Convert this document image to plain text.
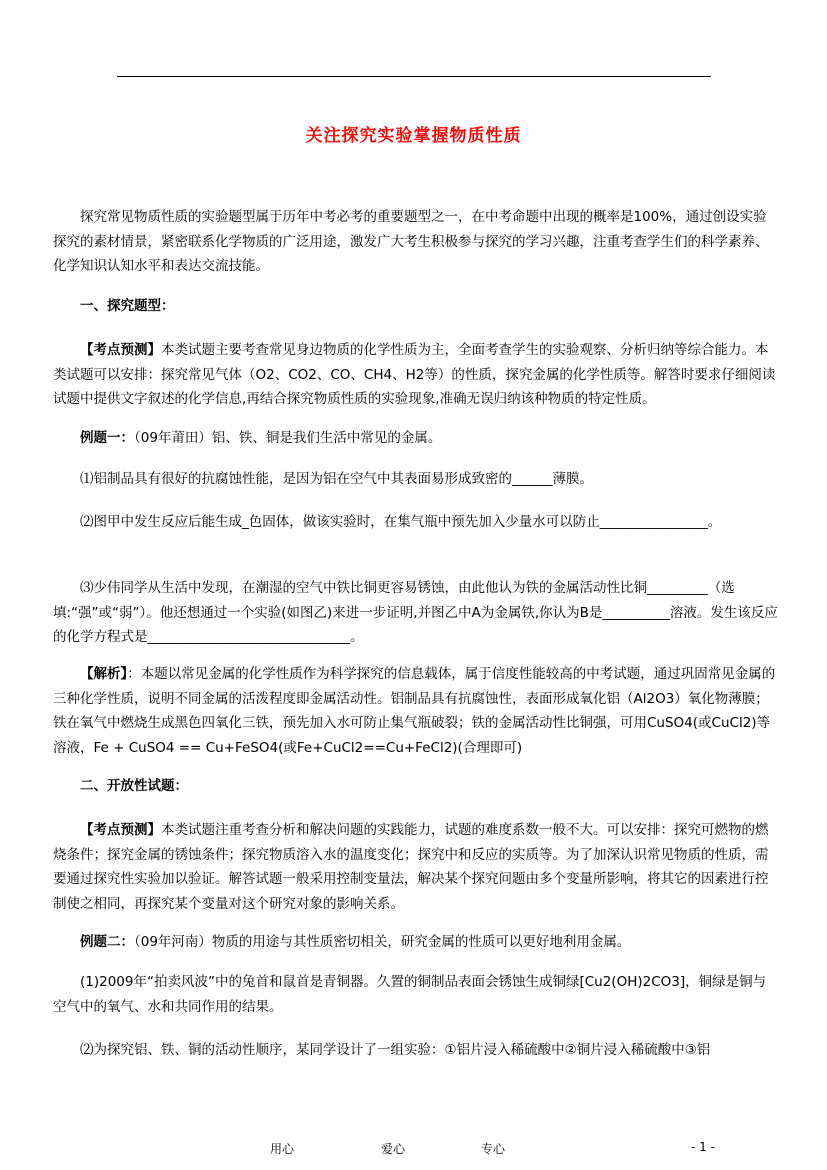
关注探究实验掌握物质性质

探究常见物质性质的实验题型属于历年中考必考的重要题型之一，在中考命题中出现的概率是100%，通过创设实验探究的素材情景，紧密联系化学物质的广泛用途，激发广大考生积极参与探究的学习兴趣，注重考查学生们的科学素养、化学知识认知水平和表达交流技能。

一、探究题型：

【考点预测】本类试题主要考查常见身边物质的化学性质为主，全面考查学生的实验观察、分析归纳等综合能力。本类试题可以安排：探究常见气体（O2、CO2、CO、CH4、H2等）的性质，探究金属的化学性质等。解答时要求仔细阅读试题中提供文字叙述的化学信息,再结合探究物质性质的实验现象,准确无误归纳该种物质的特定性质。

例题一：（09年莆田）铝、铁、铜是我们生活中常见的金属。

⑴铝制品具有很好的抗腐蚀性能，是因为铝在空气中其表面易形成致密的______薄膜。

⑵图甲中发生反应后能生成_色固体，做该实验时，在集气瓶中预先加入少量水可以防止________________。

⑶少伟同学从生活中发现，在潮湿的空气中铁比铜更容易锈蚀，由此他认为铁的金属活动性比铜_________（选填:“强”或“弱”）。他还想通过一个实验(如图乙)来进一步证明,并图乙中A为金属铁,你认为B是__________溶液。发生该反应的化学方程式是______________________________。

【解析】：本题以常见金属的化学性质作为科学探究的信息载体，属于信度性能较高的中考试题，通过巩固常见金属的三种化学性质，说明不同金属的活泼程度即金属活动性。铝制品具有抗腐蚀性，表面形成氧化铝（Al2O3）氧化物薄膜；铁在氧气中燃烧生成黑色四氧化三铁，预先加入水可防止集气瓶破裂；铁的金属活动性比铜强，可用CuSO4(或CuCl2)等溶液，Fe + CuSO4 == Cu+FeSO4(或Fe+CuCl2==Cu+FeCl2)(合理即可)

二、开放性试题：

【考点预测】本类试题注重考查分析和解决问题的实践能力，试题的难度系数一般不大。可以安排：探究可燃物的燃烧条件；探究金属的锈蚀条件；探究物质溶入水的温度变化；探究中和反应的实质等。为了加深认识常见物质的性质，需要通过探究性实验加以验证。解答试题一般采用控制变量法，解决某个探究问题由多个变量所影响，将其它的因素进行控制使之相同，再探究某个变量对这个研究对象的影响关系。

例题二：（09年河南）物质的用途与其性质密切相关，研究金属的性质可以更好地利用金属。

(1)2009年“拍卖风波”中的兔首和鼠首是青铜器。久置的铜制品表面会锈蚀生成铜绿[Cu2(OH)2CO3]，铜绿是铜与空气中的氧气、水和共同作用的结果。

⑵为探究铝、铁、铜的活动性顺序，某同学设计了一组实验：①铝片浸入稀硫酸中②铜片浸入稀硫酸中③铝

用心	爱心	专心	- 1 -
